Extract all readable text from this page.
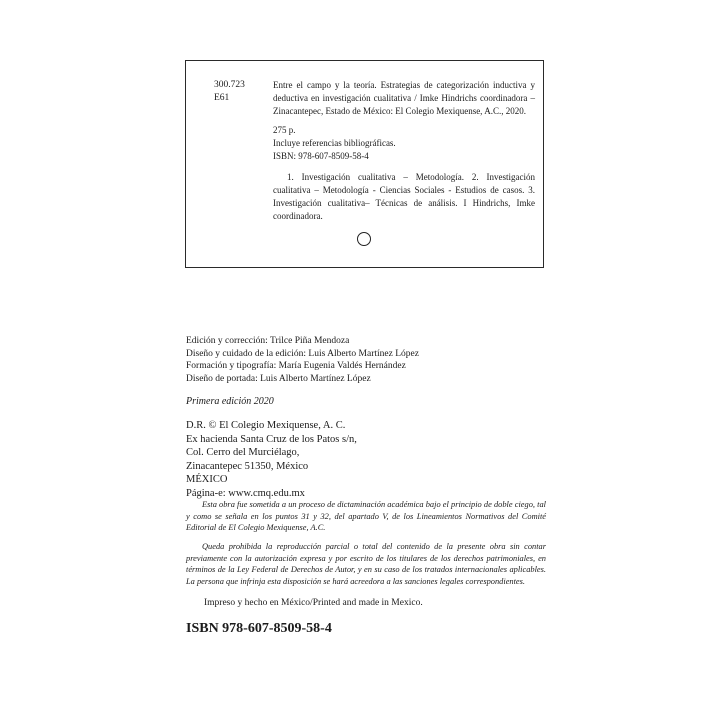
300.723
E61

Entre el campo y la teoría. Estrategias de categorización inductiva y deductiva en investigación cualitativa / Imke Hindrichs coordinadora – Zinacantepec, Estado de México: El Colegio Mexiquense, A.C., 2020.

275 p.

Incluye referencias bibliográficas.

ISBN: 978-607-8509-58-4

1. Investigación cualitativa – Metodología. 2. Investigación cualitativa – Metodología - Ciencias Sociales - Estudios de casos. 3. Investigación cualitativa– Técnicas de análisis. I Hindrichs, Imke coordinadora.

Edición y corrección: Trilce Piña Mendoza
Diseño y cuidado de la edición: Luis Alberto Martínez López
Formación y tipografía: María Eugenia Valdés Hernández
Diseño de portada: Luis Alberto Martínez López
Primera edición 2020
D.R. © El Colegio Mexiquense, A. C.
Ex hacienda Santa Cruz de los Patos s/n,
Col. Cerro del Murciélago,
Zinacantepec 51350, México
MÉXICO
Página-e: www.cmq.edu.mx
Esta obra fue sometida a un proceso de dictaminación académica bajo el principio de doble ciego, tal y como se señala en los puntos 31 y 32, del apartado V, de los Lineamientos Normativos del Comité Editorial de El Colegio Mexiquense, A.C.
Queda prohibida la reproducción parcial o total del contenido de la presente obra sin contar previamente con la autorización expresa y por escrito de los titulares de los derechos patrimoniales, en términos de la Ley Federal de Derechos de Autor, y en su caso de los tratados internacionales aplicables. La persona que infrinja esta disposición se hará acreedora a las sanciones legales correspondientes.
Impreso y hecho en México/Printed and made in Mexico.
ISBN 978-607-8509-58-4
